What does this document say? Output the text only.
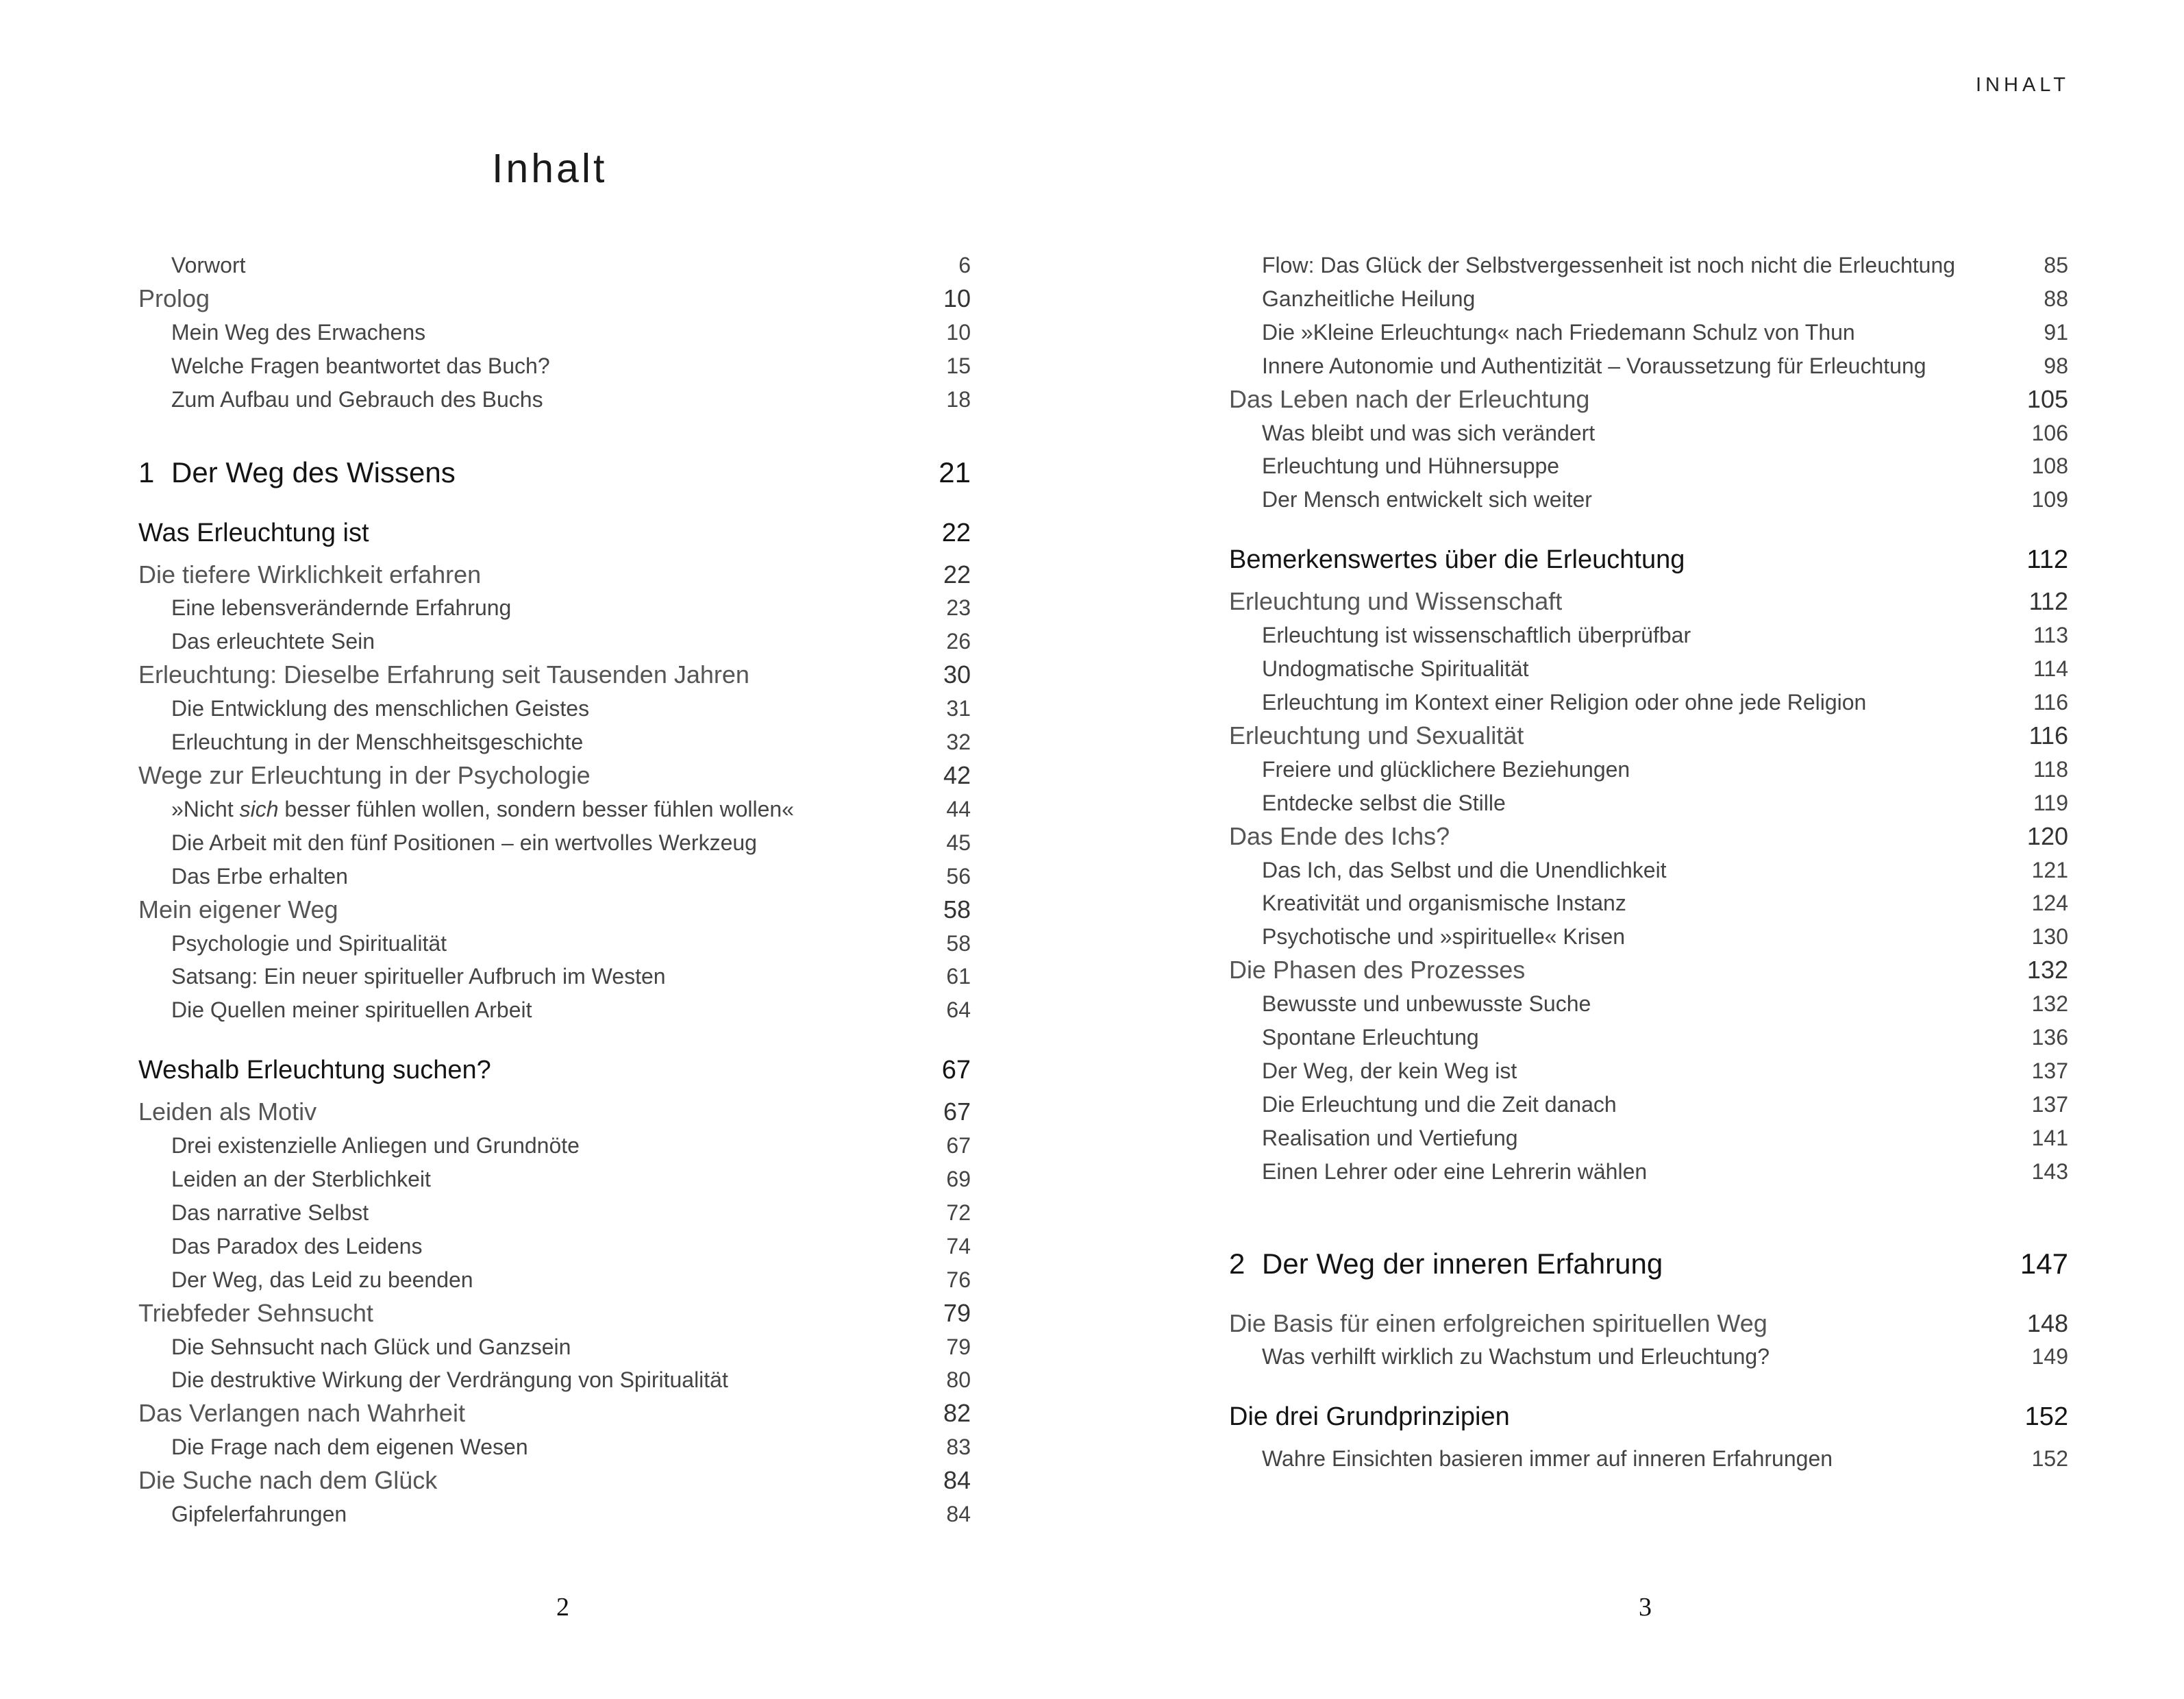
Inhalt
Vorwort	6
Prolog	10
Mein Weg des Erwachens	10
Welche Fragen beantwortet das Buch?	15
Zum Aufbau und Gebrauch des Buchs	18
1 Der Weg des Wissens	21
Was Erleuchtung ist	22
Die tiefere Wirklichkeit erfahren	22
Eine lebensverändernde Erfahrung	23
Das erleuchtete Sein	26
Erleuchtung: Dieselbe Erfahrung seit Tausenden Jahren	30
Die Entwicklung des menschlichen Geistes	31
Erleuchtung in der Menschheitsgeschichte	32
Wege zur Erleuchtung in der Psychologie	42
»Nicht sich besser fühlen wollen, sondern besser fühlen wollen«	44
Die Arbeit mit den fünf Positionen – ein wertvolles Werkzeug	45
Das Erbe erhalten	56
Mein eigener Weg	58
Psychologie und Spiritualität	58
Satsang: Ein neuer spiritueller Aufbruch im Westen	61
Die Quellen meiner spirituellen Arbeit	64
Weshalb Erleuchtung suchen?	67
Leiden als Motiv	67
Drei existenzielle Anliegen und Grundnöte	67
Leiden an der Sterblichkeit	69
Das narrative Selbst	72
Das Paradox des Leidens	74
Der Weg, das Leid zu beenden	76
Triebfeder Sehnsucht	79
Die Sehnsucht nach Glück und Ganzsein	79
Die destruktive Wirkung der Verdrängung von Spiritualität	80
Das Verlangen nach Wahrheit	82
Die Frage nach dem eigenen Wesen	83
Die Suche nach dem Glück	84
Gipfelerfahrungen	84

2

INHALT

Flow: Das Glück der Selbstvergessenheit ist noch nicht die Erleuchtung	85
Ganzheitliche Heilung	88
Die »Kleine Erleuchtung« nach Friedemann Schulz von Thun	91
Innere Autonomie und Authentizität – Voraussetzung für Erleuchtung	98
Das Leben nach der Erleuchtung	105
Was bleibt und was sich verändert	106
Erleuchtung und Hühnersuppe	108
Der Mensch entwickelt sich weiter	109
Bemerkenswertes über die Erleuchtung	112
Erleuchtung und Wissenschaft	112
Erleuchtung ist wissenschaftlich überprüfbar	113
Undogmatische Spiritualität	114
Erleuchtung im Kontext einer Religion oder ohne jede Religion	116
Erleuchtung und Sexualität	116
Freiere und glücklichere Beziehungen	118
Entdecke selbst die Stille	119
Das Ende des Ichs?	120
Das Ich, das Selbst und die Unendlichkeit	121
Kreativität und organismische Instanz	124
Psychotische und »spirituelle« Krisen	130
Die Phasen des Prozesses	132
Bewusste und unbewusste Suche	132
Spontane Erleuchtung	136
Der Weg, der kein Weg ist	137
Die Erleuchtung und die Zeit danach	137
Realisation und Vertiefung	141
Einen Lehrer oder eine Lehrerin wählen	143
2 Der Weg der inneren Erfahrung	147
Die Basis für einen erfolgreichen spirituellen Weg	148
Was verhilft wirklich zu Wachstum und Erleuchtung?	149
Die drei Grundprinzipien	152
Wahre Einsichten basieren immer auf inneren Erfahrungen	152

3
